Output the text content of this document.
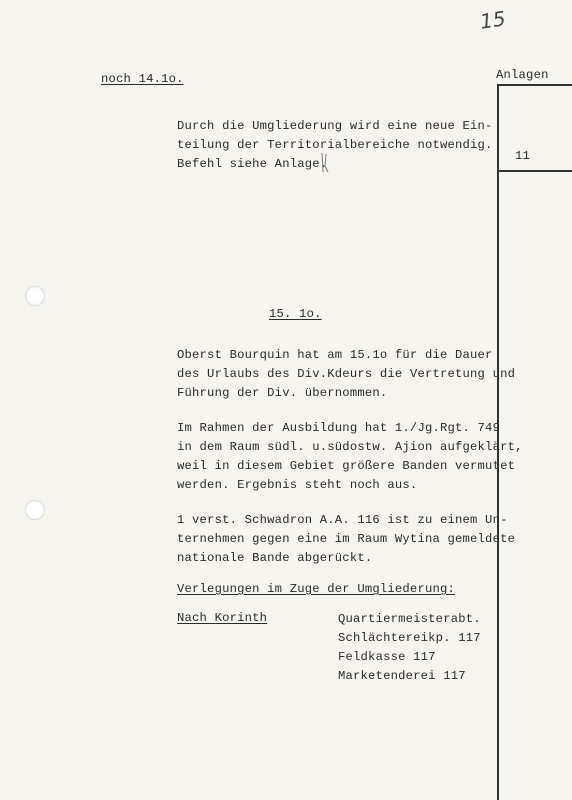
15
noch 14.1o.	Anlagen

Durch die Umgliederung wird eine neue Ein-

teilung der Territorialbereiche notwendig.

Befehl siehe Anlage.

11
15. 1o.

Oberst Bourquin hat am 15.1o für die Dauer

des Urlaubs des Div.Kdeurs die Vertretung und

Führung der Div. übernommen.

Im Rahmen der Ausbildung hat 1./Jg.Rgt. 749

in dem Raum südl. u.südostw. Ajion aufgeklärt,

weil in diesem Gebiet größere Banden vermutet

werden. Ergebnis steht noch aus.

1 verst. Schwadron A.A. 116 ist zu einem Un-

ternehmen gegen eine im Raum Wytina gemeldete

nationale Bande abgerückt.

Verlegungen im Zuge der Umgliederung:
Nach Korinth	Quartiermeisterabt.

Schlächtereikp. 117

Feldkasse 117

Marketenderei 117
